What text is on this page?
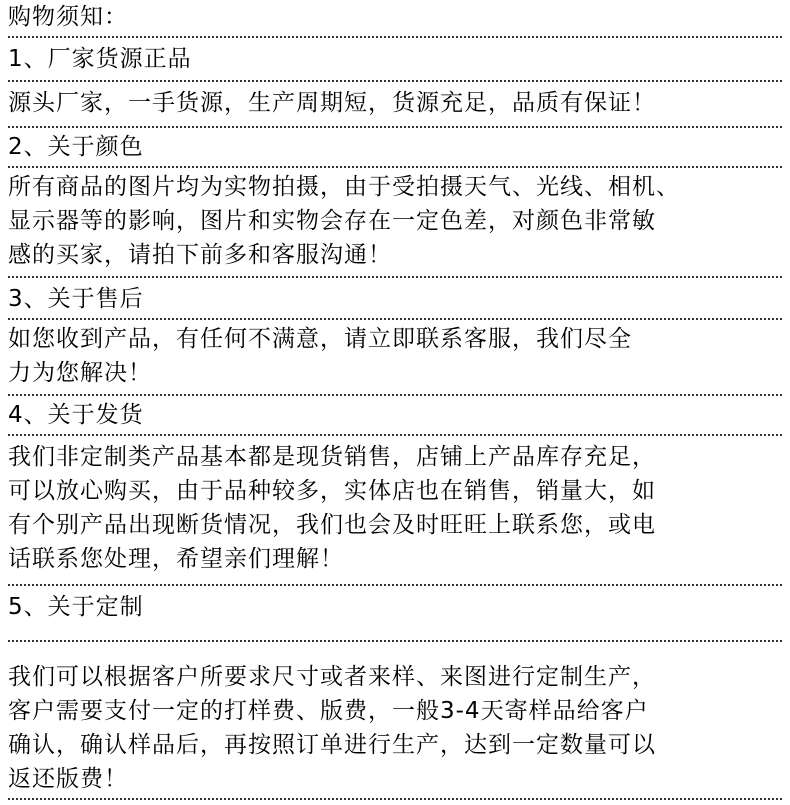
购物须知：
1、厂家货源正品
源头厂家，一手货源，生产周期短，货源充足，品质有保证！
2、关于颜色
所有商品的图片均为实物拍摄，由于受拍摄天气、光线、相机、
显示器等的影响，图片和实物会存在一定色差，对颜色非常敏
感的买家，请拍下前多和客服沟通！
3、关于售后
如您收到产品，有任何不满意，请立即联系客服，我们尽全
力为您解决！
4、关于发货
我们非定制类产品基本都是现货销售，店铺上产品库存充足，
可以放心购买，由于品种较多，实体店也在销售，销量大，如
有个别产品出现断货情况，我们也会及时旺旺上联系您，或电
话联系您处理，希望亲们理解！
5、关于定制
我们可以根据客户所要求尺寸或者来样、来图进行定制生产，
客户需要支付一定的打样费、版费，一般3-4天寄样品给客户
确认，确认样品后，再按照订单进行生产，达到一定数量可以
返还版费！
